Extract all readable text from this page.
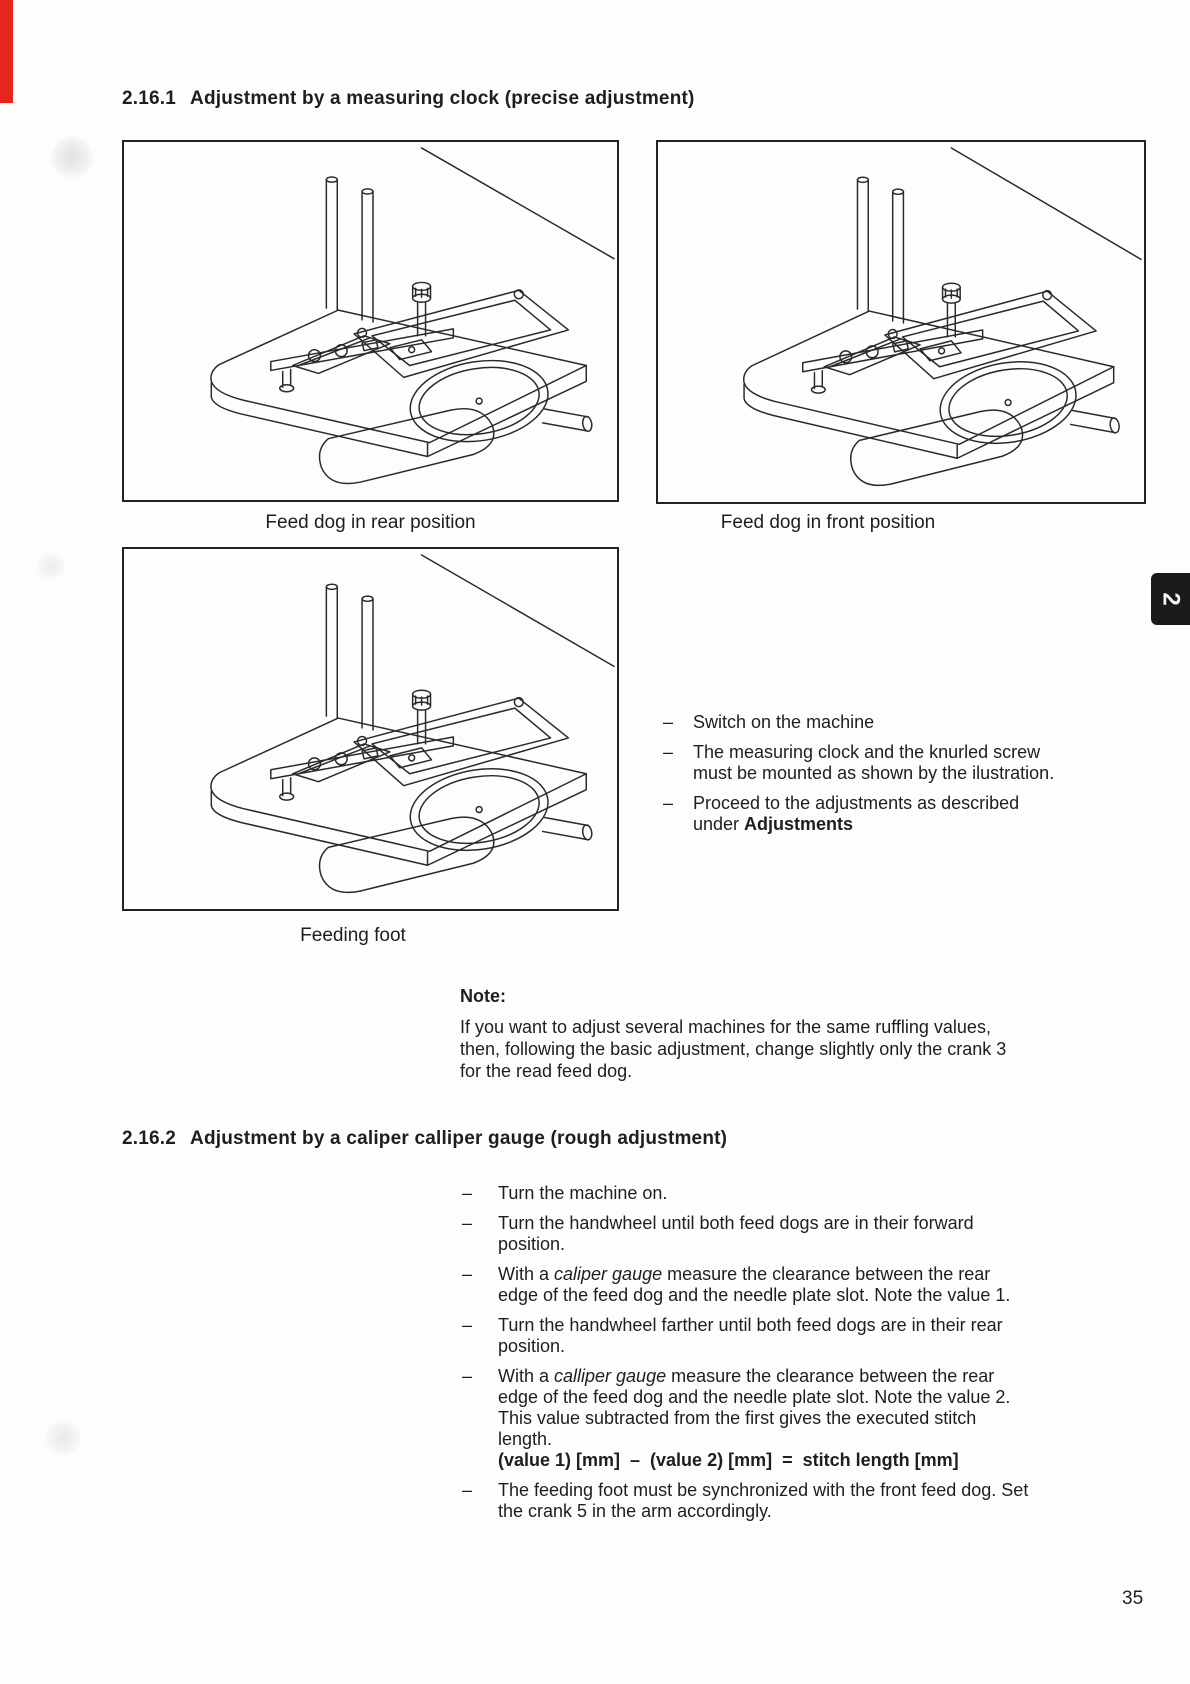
2.16.1 Adjustment by a measuring clock (precise adjustment)
Feed dog in rear position	Feed dog in front position
Feeding foot
–	Switch on the machine
–	The measuring clock and the knurled screw
must be mounted as shown by the ilustration.
–	Proceed to the adjustments as described
under Adjustments
Note:
If you want to adjust several machines for the same ruffling values,
then, following the basic adjustment, change slightly only the crank 3
for the read feed dog.
2.16.2 Adjustment by a caliper calliper gauge (rough adjustment)
–	Turn the machine on.
–	Turn the handwheel until both feed dogs are in their forward
position.
–	With a caliper gauge measure the clearance between the rear
edge of the feed dog and the needle plate slot. Note the value 1.
–	Turn the handwheel farther until both feed dogs are in their rear
position.
–	With a calliper gauge measure the clearance between the rear
edge of the feed dog and the needle plate slot. Note the value 2.
This value subtracted from the first gives the executed stitch
length.
(value 1) [mm]  –  (value 2) [mm]  =  stitch length [mm]
–	The feeding foot must be synchronized with the front feed dog. Set
the crank 5 in the arm accordingly.
2
35
